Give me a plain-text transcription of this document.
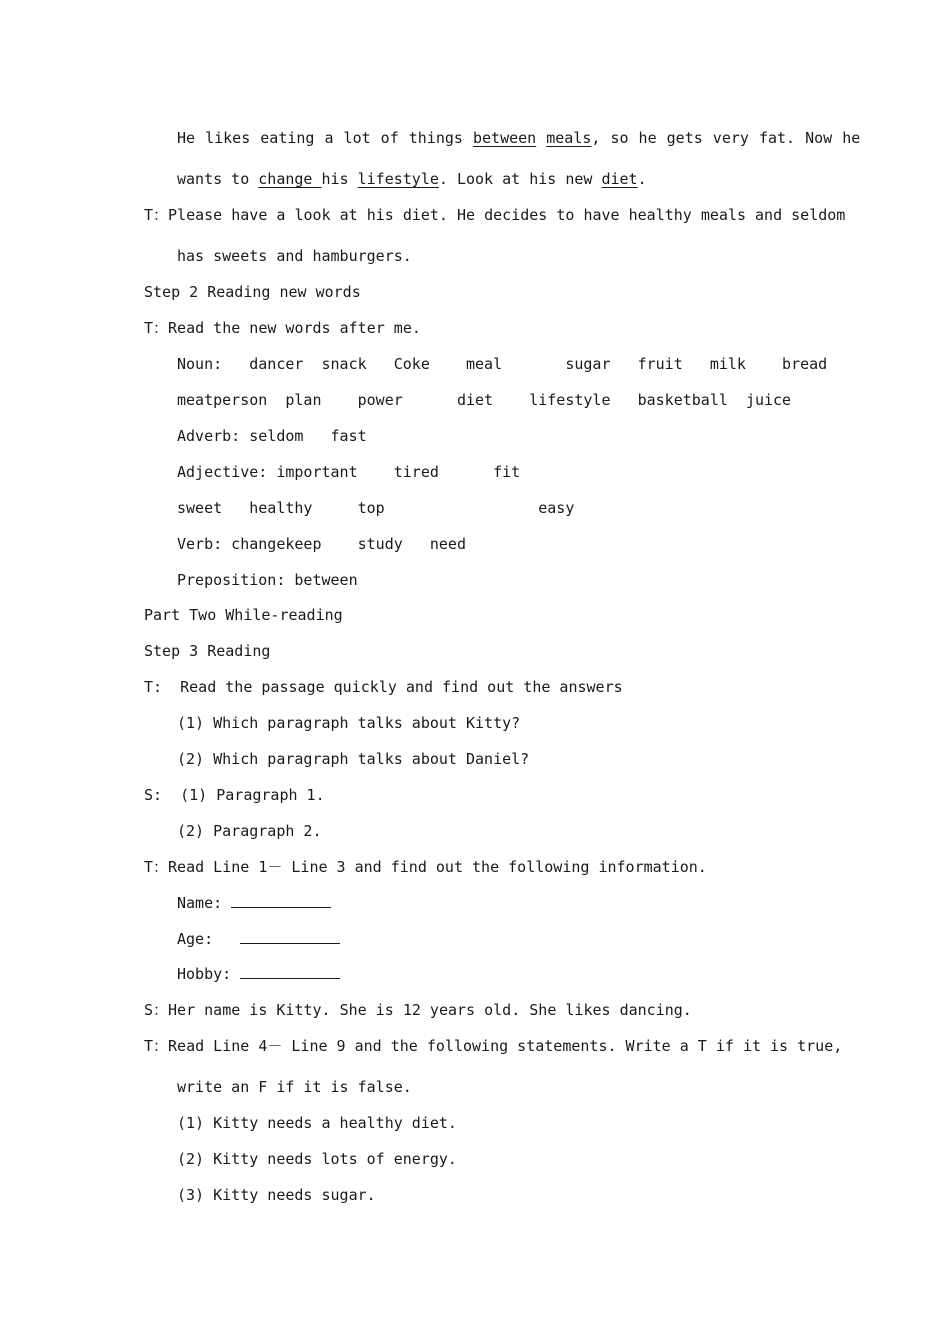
He likes eating a lot of things between meals, so he gets very fat. Now he
wants to change his lifestyle. Look at his new diet.
T：Please have a look at his diet. He decides to have healthy meals and seldom
has sweets and hamburgers.
Step 2 Reading new words
T：Read the new words after me.
Noun:   dancer  snack   Coke    meal       sugar   fruit   milk    bread
meatperson  plan    power      diet    lifestyle   basketball  juice
Adverb: seldom   fast
Adjective: important    tired      fit
sweet   healthy     top                 easy
Verb: changekeep    study   need
Preposition: between
Part Two While-reading
Step 3 Reading
T:  Read the passage quickly and find out the answers
(1) Which paragraph talks about Kitty?
(2) Which paragraph talks about Daniel?
S:  (1) Paragraph 1.
(2) Paragraph 2.
T：Read Line 1－ Line 3 and find out the following information.
Name:
Age:
Hobby:
S：Her name is Kitty. She is 12 years old. She likes dancing.
T：Read Line 4－ Line 9 and the following statements. Write a T if it is true,
write an F if it is false.
(1) Kitty needs a healthy diet.
(2) Kitty needs lots of energy.
(3) Kitty needs sugar.
